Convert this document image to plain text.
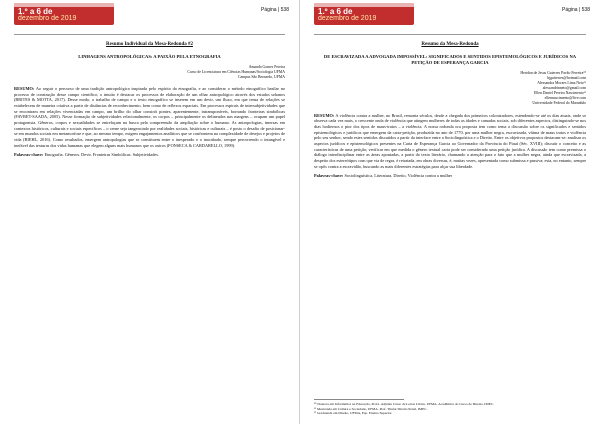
1.º a 6 de
dezembro de 2019
Página | 538
Resumo Individual da Mesa-Redonda #2
LINHAGENS ANTROPOLÓGICAS: A PAIXÃO PELA ETNOGRAFIA
Amanda Gomes Pereira
Curso de Licenciatura em Ciências Humanas/Sociologia UFMA
Campus São Bernardo, UFMA
RESUMO: Ao seguir o percurso de uma tradição antropológica inspirada pelo espírito da etnografia, e ao considerar o método etnográfico basilar no processo de construção desse campo científico, o intuito é destacar os processos de elaboração de um olhar antropológico através dos estudos urbanos (BRITES & MOTTA, 2017). Desse modo, o trabalho de campo e o texto etnográfico se inserem em um devir, um fluxo, em que tensa de relações se estabelecem de maneira criativa a partir de distâncias de reconhecimento, bem como de reflexos espaciais. Em processos espirais de intersubjetividades que se encontram em relações vivenciadas em campo, um brilho do olhar constrói pontes, aparentemente, intransponíveis, borrando fronteiras simbólicas (FAVRET-SAADA, 2005). Nesse formação de subjetividades relacionalmente, os corpos – principalmente os delineados nas margens – ocupam um papel protagonista. Gêneros, corpos e sexualidades se entrelaçam na busca pela compreensão da ampliação sobre o humano. As antropologias, imersas em contextos históricos, culturais e sociais específicos – o cerne seja tangenciado por realidades sociais, históricas e culturais – é posto o desafio de posicionar-se em mundos sociais em metamorfose e que, ao mesmo tempo, exigem engajamentos analíticos que se confrontem na complexidade de desejos e projetos de vida (BIEHL, 2016). Como resultados, emergem antropologias que se constituem entre o inesperado e o inacabado, sempre percorrendo o intangível e inefável das texturas dos vidas humanas que elegem alguns mais humanos que os outros (FONSECA & CARDARELLO, 1999).
Palavras-chave: Etnografia. Gêneros. Devir. Fronteiras Simbólicas. Subjetividades.
1.º a 6 de
dezembro de 2019
Página | 538
Resumo da Mesa-Redonda
DE ESCRAVIZADA A ADVOGADA IMPOSSÍVEL: SIGNIFICADOS E SENTIDOS EPISTEMOLÓGICOS E JURÍDICOS NA PETIÇÃO DE ESPERANÇA GARCIA
Heridan de Jesus Guterres Pavão Ferreira¹⁰
hjgutterres@hotmail.com
Alessandra Moraes Lima Neto¹¹
alessandrinneto@gmail.com
Ellen Daniel Pereira Nascimento¹²
ellennascimento@live.com
Universidade Federal do Maranhão
RESUMO: A violência contra a mulher, no Brasil, remonta séculos, desde a chegada dos primeiros colonizadores, estendendo-se até os dias atuais, onde se observa cada vez mais, o crescente onda de violência que atingem mulheres de todas as idades e camadas sociais, sob diferentes aspectos, distinguindo-se nos dias hodiernos o pior dos tipos de maus-tratos – a violência. A nossa rodonda ora proposta tem como tema a discussão sobre os significados e sentidos epistemológicos e jurídicos que emergem da carta-petição, produzida no ano de 1770, por uma mulher negra, escravizada, vítima de maus tratos e violência pelo seu senhor, sendo estes sentidos discutidos a partir da interface entre a Sociolinguística e o Direito. Entre os objetivos propostos destacam-se: analisar os aspectos jurídicos e epistemológicos presentes na Carta de Esperança Garcia ao Governador da Província do Piauí (Séc. XVIII); discutir o conceito e as características de uma petição; verificar em que medida o gênero textual carta pode ser considerado uma petição jurídica. A discussão tem como premissa o diálogo interdisciplinar entre as áreas apontadas, a partir do texto literário, chamando a atenção para o fato que a mulher negra, ainda que escravizada, a despeito dos estereótipos com que via de regra, é retratada, em obras diversas, é, muitas vezes, apresentada como submissa e passiva; esta, no entanto, sempre se opôs contra a escravidão, buscando as mais diferentes estratégias para alçar sua liberdade.
Palavras-chave: Sociolinguística, Literatura, Direito, Violência contra a mulher
¹⁰ Doutora em Informática na Educação, Profa. Adjunta Curso de Letras Libras, UFMA. Acadêmica do Curso de Direito, IMEC.
¹¹ Mestranda em Cultura e Sociedade, UFMA. Prof. Titular Direito Penal, IMEC.
¹² Graduanda em Direito, UFMA, Esp. Ensino Superior.
